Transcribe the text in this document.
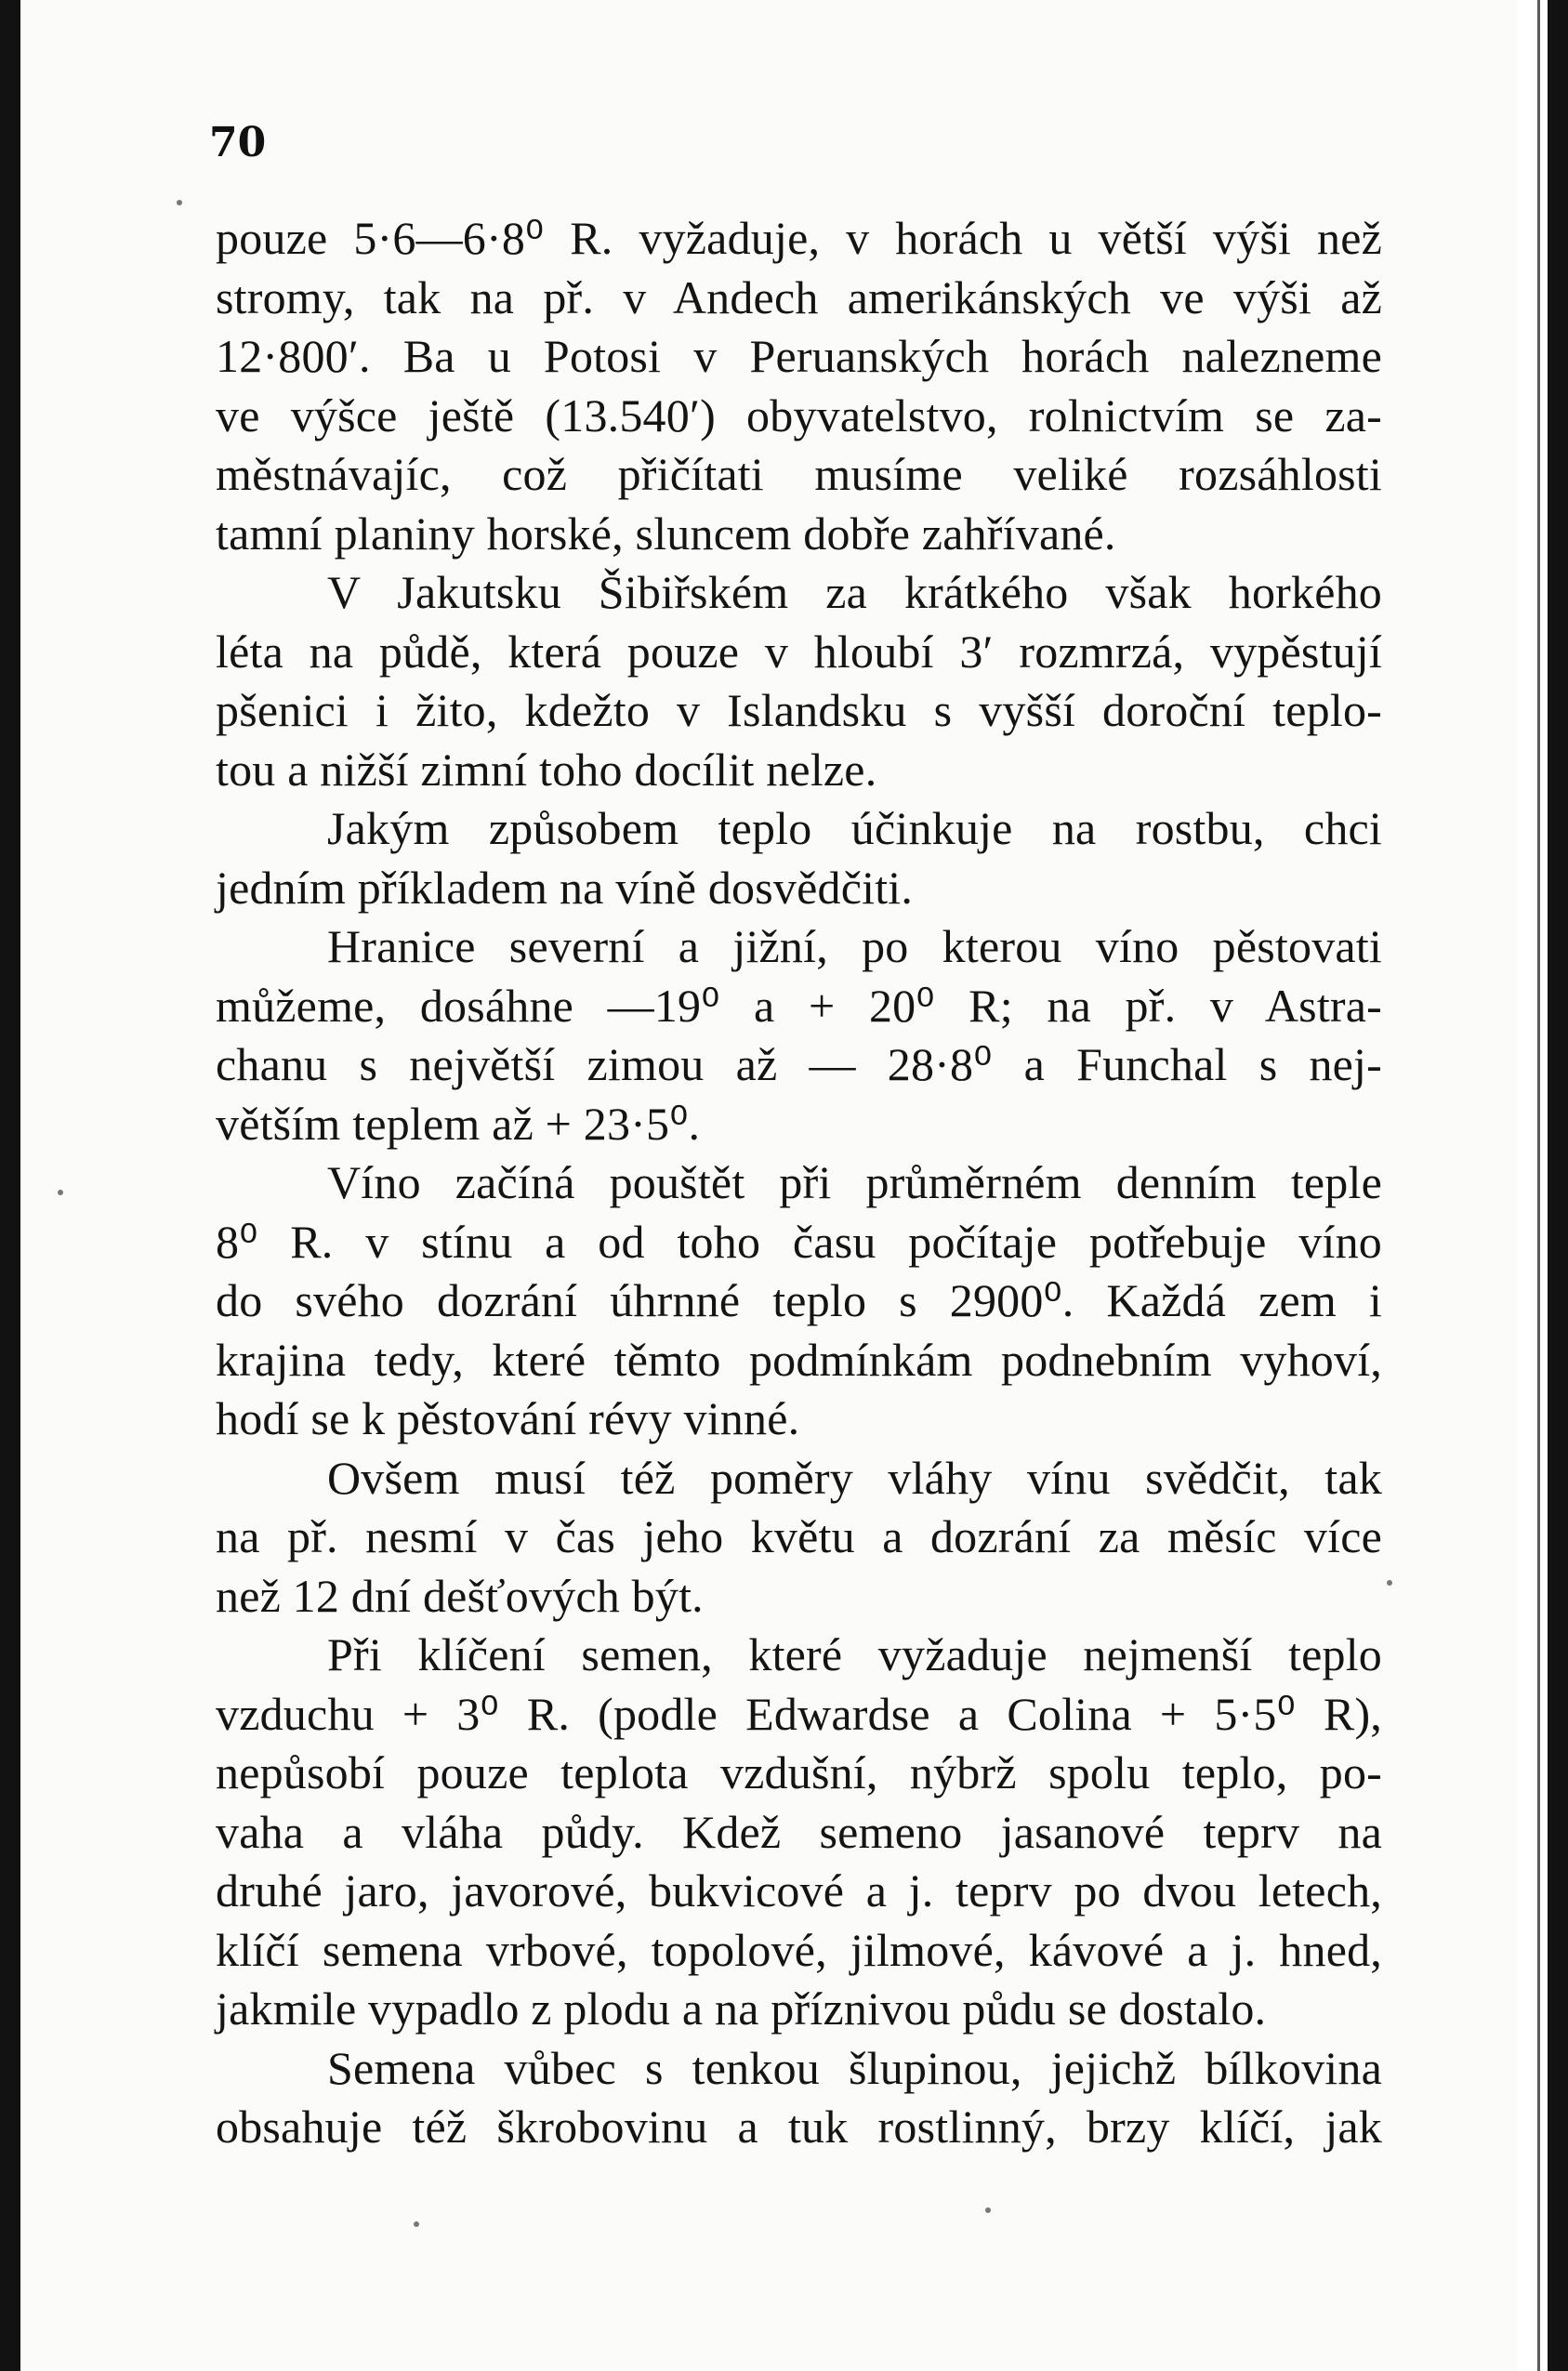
70
pouze 5·6—6·8⁰ R. vyžaduje, v horách u větší výši než
stromy, tak na př. v Andech amerikánských ve výši až
12·800′. Ba u Potosi v Peruanských horách nalezneme
ve výšce ještě (13.540′) obyvatelstvo, rolnictvím se za-
městnávajíc, což přičítati musíme veliké rozsáhlosti
tamní planiny horské, sluncem dobře zahřívané.
V Jakutsku Šibiřském za krátkého však horkého
léta na půdě, která pouze v hloubí 3′ rozmrzá, vypěstují
pšenici i žito, kdežto v Islandsku s vyšší doroční teplo-
tou a nižší zimní toho docílit nelze.
Jakým způsobem teplo účinkuje na rostbu, chci
jedním příkladem na víně dosvědčiti.
Hranice severní a jižní, po kterou víno pěstovati
můžeme, dosáhne —19⁰ a + 20⁰ R; na př. v Astra-
chanu s největší zimou až — 28·8⁰ a Funchal s nej-
větším teplem až + 23·5⁰.
Víno začíná pouštět při průměrném denním teple
8⁰ R. v stínu a od toho času počítaje potřebuje víno
do svého dozrání úhrnné teplo s 2900⁰. Každá zem i
krajina tedy, které těmto podmínkám podnebním vyhoví,
hodí se k pěstování révy vinné.
Ovšem musí též poměry vláhy vínu svědčit, tak
na př. nesmí v čas jeho květu a dozrání za měsíc více
než 12 dní dešťových být.
Při klíčení semen, které vyžaduje nejmenší teplo
vzduchu + 3⁰ R. (podle Edwardse a Colina + 5·5⁰ R),
nepůsobí pouze teplota vzdušní, nýbrž spolu teplo, po-
vaha a vláha půdy. Kdež semeno jasanové teprv na
druhé jaro, javorové, bukvicové a j. teprv po dvou letech,
klíčí semena vrbové, topolové, jilmové, kávové a j. hned,
jakmile vypadlo z plodu a na příznivou půdu se dostalo.
Semena vůbec s tenkou šlupinou, jejichž bílkovina
obsahuje též škrobovinu a tuk rostlinný, brzy klíčí, jak
